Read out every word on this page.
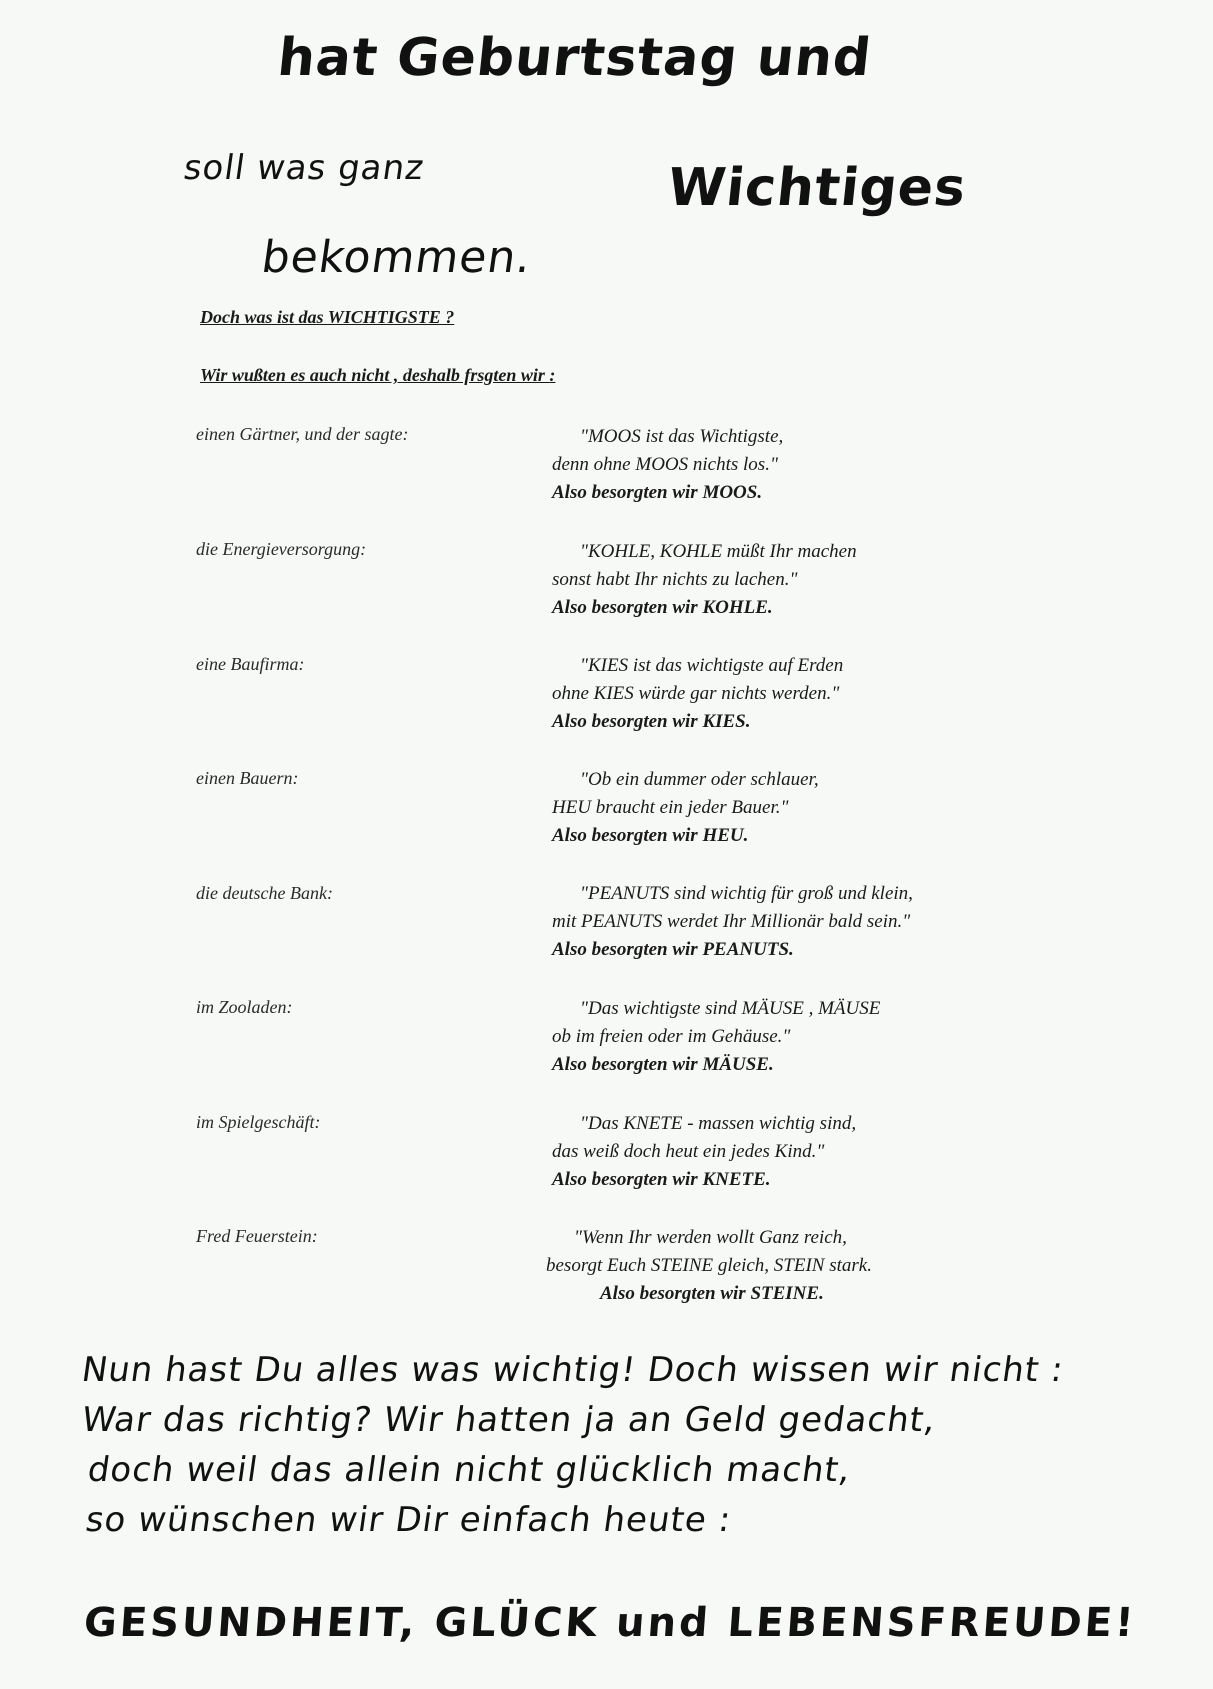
hat Geburtstag und
soll was ganz	Wichtiges
bekommen.
Doch was ist das WICHTIGSTE ?
Wir wußten es auch nicht , deshalb frsgten wir :
einen Gärtner, und der sagte:	"MOOS ist das Wichtigste,
denn ohne MOOS nichts los."
Also besorgten wir MOOS.
die Energieversorgung:	"KOHLE, KOHLE müßt Ihr machen
sonst habt Ihr nichts zu lachen."
Also besorgten wir KOHLE.
eine Baufirma:	"KIES ist das wichtigste auf Erden
ohne KIES würde gar nichts werden."
Also besorgten wir KIES.
einen Bauern:	"Ob ein dummer oder schlauer,
HEU braucht ein jeder Bauer."
Also besorgten wir HEU.
die deutsche Bank:	"PEANUTS sind wichtig für groß und klein,
mit PEANUTS werdet Ihr Millionär bald sein."
Also besorgten wir PEANUTS.
im Zooladen:	"Das wichtigste sind MÄUSE , MÄUSE
ob im freien oder im Gehäuse."
Also besorgten wir MÄUSE.
im Spielgeschäft:	"Das KNETE - massen wichtig sind,
das weiß doch heut ein jedes Kind."
Also besorgten wir KNETE.
Fred Feuerstein:	"Wenn Ihr werden wollt Ganz reich,
besorgt Euch STEINE gleich, STEIN stark.
Also besorgten wir STEINE.
Nun hast Du alles was wichtig! Doch wissen wir nicht :
War das richtig? Wir hatten ja an Geld gedacht,
doch weil das allein nicht glücklich macht,
so wünschen wir Dir einfach heute :
GESUNDHEIT, GLÜCK und LEBENSFREUDE!
